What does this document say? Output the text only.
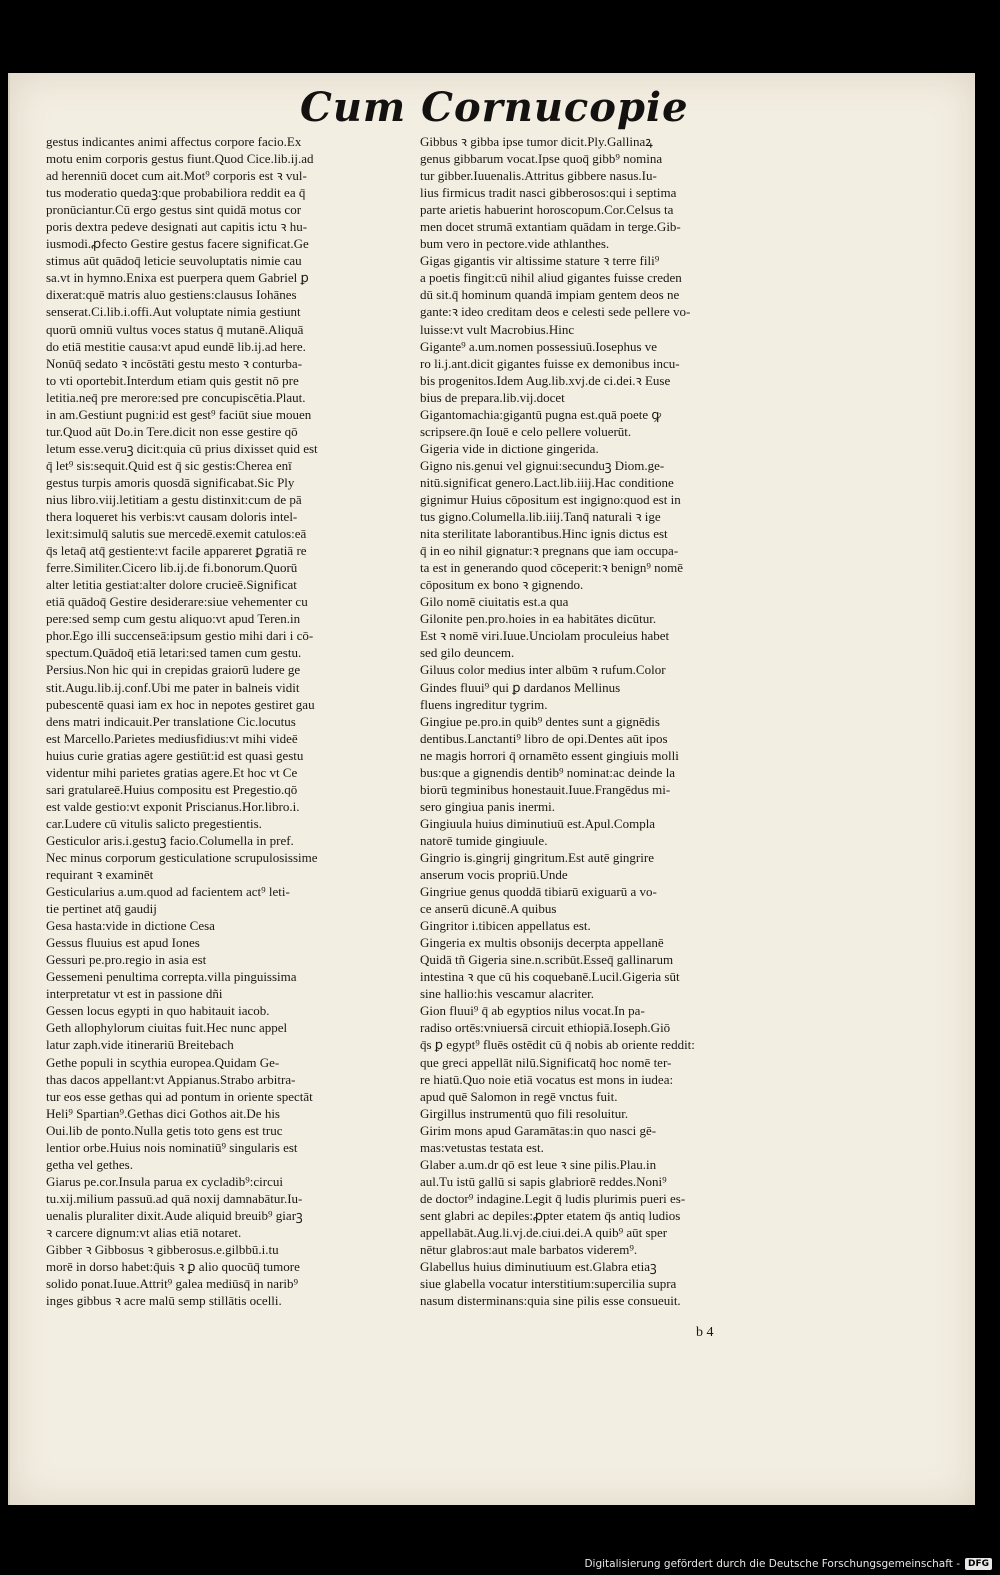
Cum Cornucopie
gestus indicantes animi affectus corpore facio.Ex
motu enim corporis gestus fiunt.Quod Cice.lib.ij.ad
ad herenniū docet cum ait.Mot⁹ corporis est ꝛ vul-
tus moderatio quedaꝫ:que probabiliora reddit ea q̄
pronūciantur.Cū ergo gestus sint quidā motus cor
poris dextra pedeve designati aut capitis ictu ꝛ hu-
iusmodi.ꝓfecto Gestire gestus facere significat.Ge
stimus aūt quādoq̄ leticie seuvoluptatis nimie cau
sa.vt in hymno.Enixa est puerpera quem Gabriel ꝑ
dixerat:quē matris aluo gestiens:clausus Iohānes
senserat.Ci.lib.i.offi.Aut voluptate nimia gestiunt
quorū omniū vultus voces status q̄ mutanē.Aliquā
do etiā mestitie causa:vt apud eundē lib.ij.ad here.
Nonūq̄ sedato ꝛ incōstāti gestu mesto ꝛ conturba-
to vti oportebit.Interdum etiam quis gestit nō pre
letitia.neq̄ pre merore:sed pre concupiscētia.Plaut.
in am.Gestiunt pugni:id est gest⁹ faciūt siue mouen
tur.Quod aūt Do.in Tere.dicit non esse gestire qō
letum esse.veruꝫ dicit:quia cū prius dixisset quid est
q̄ let⁹ sis:sequit.Quid est q̄ sic gestis:Cherea enī
gestus turpis amoris quosdā significabat.Sic Ply
nius libro.viij.letitiam a gestu distinxit:cum de pā
thera loqueret his verbis:vt causam doloris intel-
lexit:simulq̄ salutis sue mercedē.exemit catulos:eā
q̄s letaq̄ atq̄ gestiente:vt facile appareret ꝑgratiā re
ferre.Similiter.Cicero lib.ij.de fi.bonorum.Quorū
alter letitia gestiat:alter dolore crucieē.Significat
etiā quādoq̄ Gestire desiderare:siue vehementer cu
pere:sed semp cum gestu aliquo:vt apud Teren.in
phor.Ego illi succenseā:ipsum gestio mihi dari i cō-
spectum.Quādoq̄ etiā letari:sed tamen cum gestu.
Persius.Non hic qui in crepidas graiorū ludere ge
stit.Augu.lib.ij.conf.Ubi me pater in balneis vidit
pubescentē quasi iam ex hoc in nepotes gestiret gau
dens matri indicauit.Per translatione Cic.locutus
est Marcello.Parietes mediusfidius:vt mihi videē
huius curie gratias agere gestiūt:id est quasi gestu
videntur mihi parietes gratias agere.Et hoc vt Ce
sari gratulareē.Huius compositu est Pregestio.qō
est valde gestio:vt exponit Priscianus.Hor.libro.i.
car.Ludere cū vitulis salicto pregestientis.
Gesticulor aris.i.gestuꝫ facio.Columella in pref.
Nec minus corporum gesticulatione scrupulosissime
requirant ꝛ examinēt
Gesticularius a.um.quod ad facientem act⁹ leti-
tie pertinet atq̄ gaudij
Gesa hasta:vide in dictione Cesa
Gessus fluuius est apud Iones
Gessuri pe.pro.regio in asia est
Gessemeni penultima correpta.villa pinguissima
interpretatur vt est in passione dñi
Gessen locus egypti in quo habitauit iacob.
Geth allophylorum ciuitas fuit.Hec nunc appel
latur zaph.vide itinerariū Breitebach
Gethe populi in scythia europea.Quidam Ge-
thas dacos appellant:vt Appianus.Strabo arbitra-
tur eos esse gethas qui ad pontum in oriente spectāt
Heli⁹ Spartian⁹.Gethas dici Gothos ait.De his
Oui.lib de ponto.Nulla getis toto gens est truc
lentior orbe.Huius nois nominatiū⁹ singularis est
getha vel gethes.
Giarus pe.cor.Insula parua ex cycladib⁹:circui
tu.xij.milium passuū.ad quā noxij damnabātur.Iu-
uenalis pluraliter dixit.Aude aliquid breuib⁹ giarꝫ
ꝛ carcere dignum:vt alias etiā notaret.
Gibber ꝛ Gibbosus ꝛ gibberosus.e.gilbbū.i.tu
morē in dorso habet:q̄uis ꝛ ꝑ alio quocūq̄ tumore
solido ponat.Iuue.Attrit⁹ galea mediūsq̄ in narib⁹
inges gibbus ꝛ acre malū semp stillātis ocelli.
Gibbus ꝛ gibba ipse tumor dicit.Ply.Gallinaꝝ
genus gibbarum vocat.Ipse quoq̄ gibb⁹ nomina
tur gibber.Iuuenalis.Attritus gibbere nasus.Iu-
lius firmicus tradit nasci gibberosos:qui i septima
parte arietis habuerint horoscopum.Cor.Celsus ta
men docet strumā extantiam quādam in terge.Gib-
bum vero in pectore.vide athlanthes.
Gigas gigantis vir altissime stature ꝛ terre fili⁹
a poetis fingit:cū nihil aliud gigantes fuisse creden
dū sit.q̄ hominum quandā impiam gentem deos ne
gante:ꝛ ideo creditam deos e celesti sede pellere vo-
luisse:vt vult Macrobius.Hinc
Gigante⁹ a.um.nomen possessiuū.Iosephus ve
ro li.j.ant.dicit gigantes fuisse ex demonibus incu-
bis progenitos.Idem Aug.lib.xvj.de ci.dei.ꝛ Euse
bius de prepara.lib.vij.docet
Gigantomachia:gigantū pugna est.quā poete ꝙ
scripsere.q̄n Iouē e celo pellere voluerūt.
Gigeria vide in dictione gingerida.
Gigno nis.genui vel gignui:secunduꝫ Diom.ge-
nitū.significat genero.Lact.lib.iiij.Hac conditione
gignimur Huius cōpositum est ingigno:quod est in
tus gigno.Columella.lib.iiij.Tanq̄ naturali ꝛ ige
nita sterilitate laborantibus.Hinc ignis dictus est
q̄ in eo nihil gignatur:ꝛ pregnans que iam occupa-
ta est in generando quod cōceperit:ꝛ benign⁹ nomē
cōpositum ex bono ꝛ gignendo.
Gilo nomē ciuitatis est.a qua
Gilonite pen.pro.hoies in ea habitātes dicūtur.
Est ꝛ nomē viri.Iuue.Unciolam proculeius habet
sed gilo deuncem.
Giluus color medius inter albūm ꝛ rufum.Color
Gindes fluui⁹ qui ꝑ dardanos Mellinus
fluens ingreditur tygrim.
Gingiue pe.pro.in quib⁹ dentes sunt a gignēdis
dentibus.Lanctanti⁹ libro de opi.Dentes aūt ipos
ne magis horrori q̄ ornamēto essent gingiuis molli
bus:que a gignendis dentib⁹ nominat:ac deinde la
biorū tegminibus honestauit.Iuue.Frangēdus mi-
sero gingiua panis inermi.
Gingiuula huius diminutiuū est.Apul.Compla
natorē tumide gingiuule.
Gingrio is.gingrij gingritum.Est autē gingrire
anserum vocis propriū.Unde
Gingriue genus quoddā tibiarū exiguarū a vo-
ce anserū dicunē.A quibus
Gingritor i.tibicen appellatus est.
Gingeria ex multis obsonijs decerpta appellanē
Quidā tñ Gigeria sine.n.scribūt.Esseq̄ gallinarum
intestina ꝛ que cū his coquebanē.Lucil.Gigeria sūt
sine hallio:his vescamur alacriter.
Gion fluui⁹ q̄ ab egyptios nilus vocat.In pa-
radiso ortēs:vniuersā circuit ethiopiā.Ioseph.Giō
q̄s ꝑ egypt⁹ fluēs ostēdit cū q̄ nobis ab oriente reddit:
que greci appellāt nilū.Significatq̄ hoc nomē ter-
re hiatū.Quo noie etiā vocatus est mons in iudea:
apud quē Salomon in regē vnctus fuit.
Girgillus instrumentū quo fili resoluitur.
Girim mons apud Garamātas:in quo nasci gē-
mas:vetustas testata est.
Glaber a.um.dr qō est leue ꝛ sine pilis.Plau.in
aul.Tu istū gallū si sapis glabriorē reddes.Noni⁹
de doctor⁹ indagine.Legit q̄ ludis plurimis pueri es-
sent glabri ac depiles:ꝓpter etatem q̄s antiq ludios
appellabāt.Aug.li.vj.de.ciui.dei.A quib⁹ aūt sper
nētur glabros:aut male barbatos viderem⁹.
Glabellus huius diminutiuum est.Glabra etiaꝫ
siue glabella vocatur interstitium:supercilia supra
nasum disterminans:quia sine pilis esse consueuit.
b 4
Digitalisierung gefördert durch die Deutsche Forschungsgemeinschaft - DFG
